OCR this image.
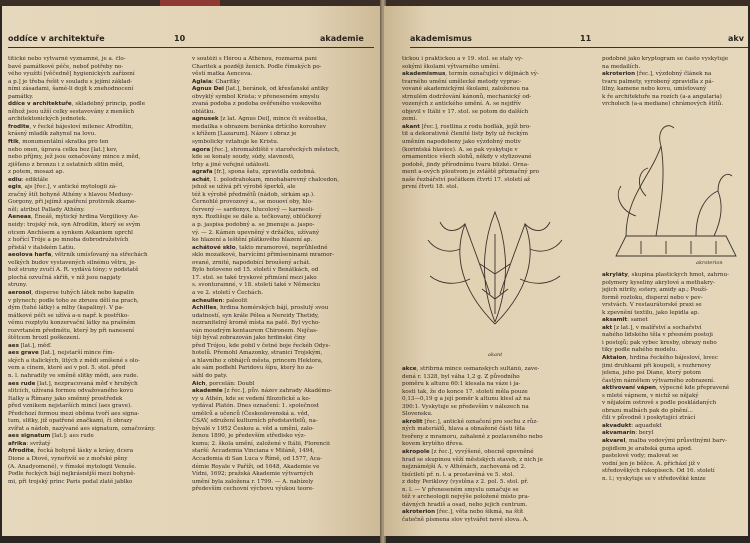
oddíce v architektuře	10	akademie

titické nebo výtvarně významné, je a. člo-

bavé památkové péče, neboť potřeby no-

vého využití [věčedně] hygienických zařízení

a p.] je třeba řešit v souladu s jejími základ-

ními zásadami, šamé-li dojít k znehodnocení

památky.

ddíce v architektuře, skladebný princip, podle

něhož jsou užší celky sestavovány z menších

architektonických jednotek.

frodite, v řecké bájesloví milenec Afrodítin,

krásný mladík zahynul na lovu.

ftik, monumentální skratka pro ten

nebo onen, úprava celku bez [lat.] kev,

nebo příjmy, jež jsou označovány mince z měd,

zjišťeno z bronzu i z ostatních slitin měd,

z potem, mosazi ap.

ediu: ediktále

egis, ajs [řec.], v antické mytologii zá-

zračný štít bohyně Athény s hlavou Medusy-

Gorgony, při jejímž spatření protivník zkame-

něl; atribut Pallady Athény.

Aeneas, Éneáš, mýtický hrdina Vergiliovy Ae-

neidy: trojský rek, syn Afrodítin, který se svým

otcem Anchísem a synkem Askaniem uprchl

z hořící Tróje a po mnoha dobrodružstvích

přistál v italském Latiu.

aeolova harfa, větrník umísťovaný na střechách

velkých budov vystavených silnému větru, je-

hož struny zvučí A. R. vydává tóny; v podstatě

plochá ozvučná skříň, v níž jsou napjaty

struny.

aerosol, disperse tuhých látek nebo kapalin

v plynech; podle toho ze zbrusu dělí na prach,

dým (tuhé látky) a mlhy (kapaliny). V pa-

mátkové péči se užívá a-u např. k postřiko-

vému rozptylu konzervační látky na prašném

rozvrtaném předmětu, který by při nanesení

štětcem hrozil poškození.

aes [lat.], měď.

aes grave [lat.], nejstarší mince řím-

ských a italických, litých z mědi smíšené s olo-

vem a cínem, které asi v pol. 5. stol. před

n. l. nahradily ve směně slitky mědi, aes rude.

aes rude [lat.], nezpracovaná měď v hrubých

slitcích, užívaná formou odvažovaného kovu

Italky a Římany jako směnný prostředek

před vznikem nejstarších mincí (aes grave).

Předchozí formou mezi oběma tvoří aes signa-

tum, slitky, již opatřené značkami, či obrazy

zvířat a nádob, nazývané aes signatum, označovány.

aes signatum [lat.]: aes rude

afrika: svržatý

Afrodíte, řecká bohyně lásky a krásy, dcera

Dione a Diové, vynořivší se z mořské pěny

(A. Anadyomené), v římské mytologii Venuše.

Podle řeckých bájí nejkrásnější mezi bohyně-

mi, při trojský princ Paris podal zlaté jablko

v soutěži s Hérou a Athénou, rozmarná paní

Charitek a později ženich. Podle římských po-

věstí matka Aenceva.

Aglaia: Charitky

Agnus Dei [lat.], beránek, od křesťanské antiky

obvyklý symbol Krista; v přeneseném smyslu

zvaná podoba z podoba ověřeného voskového

oblátku.

agnusek [z lat. Agnus Dei], mince či svátostka,

medailka s obrazem beránka drtícího korouhev

s křížem [Lazarum]. Název i obraz je

symbolicky vztahuje ke Kristu.

agora [řec.], shromaždiště v starořeckých městech,

kde se konaly soudy, súdy, slavnosti,

trhy a jiné veřejné události.

agrafa [fr.], spona šatu, zpravidla ozdobná.

achát, 1. polodrahokam, mnohabarevný chalcedon,

jehož se užívá při výrobě šperků, ale

též k výrobě předmětů (nádob, sirkám ap.).

Černohlé provozový a., se mouoví oby, hlo-

červený — sardonyx, hlucolový — karneoli-

nyx. Rozlišuje se dále a. tečkovaný, oblúčkový

a p. jaspisa podobný a. se jmenuje a. jaspo-

vý. — 2. Kámen upevněný v držáčku, užívaný

ke hlazení a leštění plátkového hlazení ap.

achátové sklo, takto mramorové, neprůhledné

sklo mozaikové, barvícími přimíseninami mramor-

ované, zrnité, napodobící broušený achát.

Bylo hotoveno od 15. století v Benátkách, od

17. stol. se také tryskové přimísní mezi jako

s. svonturainné, v 18. století také v Německu

a ve 2. století v Čechách.

acheulien: paleolit

Achilles, hrdina homérských bájí, proslulý svou

udatností, syn krále Pélea a Nereidy Thetidy,

nezranitelný kromě místa na patě. Byl vycho-

ván moudrým kentaurem Chironem. Nejčas-

těji býval zobrazován jako hrdinské činy

před Trójou, kde pobil v četné boje řeckéh Odys-

hotelů. Přemohl Amazonky, stranicí Trojským,

a hlavního z obhájců města, princem Hektora,

ale sám podlehl Paridovu šípu, který ho za-

sáhl do paty.

Aich, porcelán: Doubl

akademie [z řec.], pův. název zahrady Akadémo-

vy u Athén, kde se vedení filozofické a ko-

vydával Platón. Dnes označení: 1. společnost

umělců a učenců (Československá a. věd,

ČSAV, sdružení kulturních představitelů, na-

bývalé v 1952 Českou a. věd a umění, zalo-

ženou 1890, je především středisko výz-

kumu; 2. škola umění, založené v Itálii, Florencii

starší: Accademia Vinciana v Miláně, 1494,

Accademia di San Luca v Římě, od 1577, Aca-

démie Royale v Paříži, od 1648, Akademie ve

Vídni, 1692; pražská Akademie výtvarných

umění byla založena r. 1799. — A. nabízely

především cechovní výchovu výukou teore-

akademismus	11	akv

tickou i praktickou a v 19. stol. se staly vý-

sokými školami výtvarného umění.

akademismus, termín označující v dějinách vý-

tvarného umění umělecké metody vyprac-

vované akademickými školami, založenou na

strnulém dodržování kánonů, mechanický od-

vozených z antického umění. A. se nejdřív

objevil v Itálii v 17. stol. se potom do dalších

zemí.

akant [řec.], rostlina z rodu bodlák, jejíž bro-

tit a dekorativně členité listy byly už řeckým

uměním napodobeny jako výzdobný motiv

(korintská hlavice). A. se pak vyskytuje v

ornamentice všech slohů, někdy v stylizované

podobě, jindy přírodnímu tvaru blízké. Orna-

ment a-ových ploutvom je zvláště přizmačný pro

naše řezbářství počátkem čtvrtí 17. století až

první čtvrti 18. stol.

akant

akce, stříbrná mince osmanských sultánů, zave-

dená r. 1328, byl váha 1,2 g. Z původního

poměru k altunu 60:1 klesala na váze i ja-

kosti tak, že do konce 17. století měla pouze

0,13—0,19 g a její poměr k altunu klesl až na

390:1. Vyskytuje se především v nálezech na

Slovensku.

akrolit [řec.], antické označení pro sochu z růz-

ných materiálů, hlava a obnažené části těla

tvořeny z mramoru, zahalené z pozlaceného nebo

kovem krytého dřeva.

akropole [z řec.], vyvýšené, obecně opevněné

hrad se skupinou věží městských staveb, z nich je

nejznámější A. v Athénách, zachovaná od 2.

tisíciletí př. n. l. a prostavěná ve 5. stol.

z doby Periklovy (vystěna z 2. pol. 5. stol. př.

n. l. — V přeneseném smyslu označuje se

též v archeologii nejvýše položené místo pra-

dávných hradiš a osad, nebo jejich centrum.

akroterion [řec.], věta nebo šikmá, na štít

čatečně písmena slov vytvářet nové slova. A.

podobně jako kryptogram se často vyskytuje

na medailích.

akroterion [řec.], výzdobný článek na

tvaru palmety, vyrobený zpravidla z pá-

lilny, kamene nebo kovu, umísťovaný

k ře architektuře na rozích (a-a angularia)

vrcholech (a-a mediane) chrámových štítů.

akroterion

akryláty, skupina plastických hmot, zahrnu-

polymery kyseliny akrylové a methakry-

jejich nitrily, estery, amidy ap.; Použí-

formě roztoku, disperzí nebo v pev-

vrstvách. V restaurátorské praxi se

k zpevnění textilu, jako lepidla ap.

aksamit: samet

akt [z lat.], v malířství a sochařství

nahého lidského těla v přesném postoji

i postojů; pak vybec kresby, obrazy nebo

tiky podle nahého modelu.

Aktaion, hrdina řeckého bájesloví, lovec

jimi druhkami při koupeli, s rozhrnovy

jelena, jeho psí Diane, který potom

častým námětem výtvarného zobrazení.

aktivovaní vápen, výpecné kde přepravené

s mleté vápnem, v nichž se nějaký

v nějakém ostrově s podle poskládaných

obrazu malbách pak do plnění...

čili v původně i poskytující ztrácí

akvadukt: aquadukt

akvamarín: beryl

akvarel, malba vodovými průsvitnými barv-

pojidlem je arabská guma apod.

pastelové vody; malovat se

vodní jen je běžce. A. přichází již v

středověkých rukopisech. Od 16. století

n. l.; vyskytuje se v středověké knize
